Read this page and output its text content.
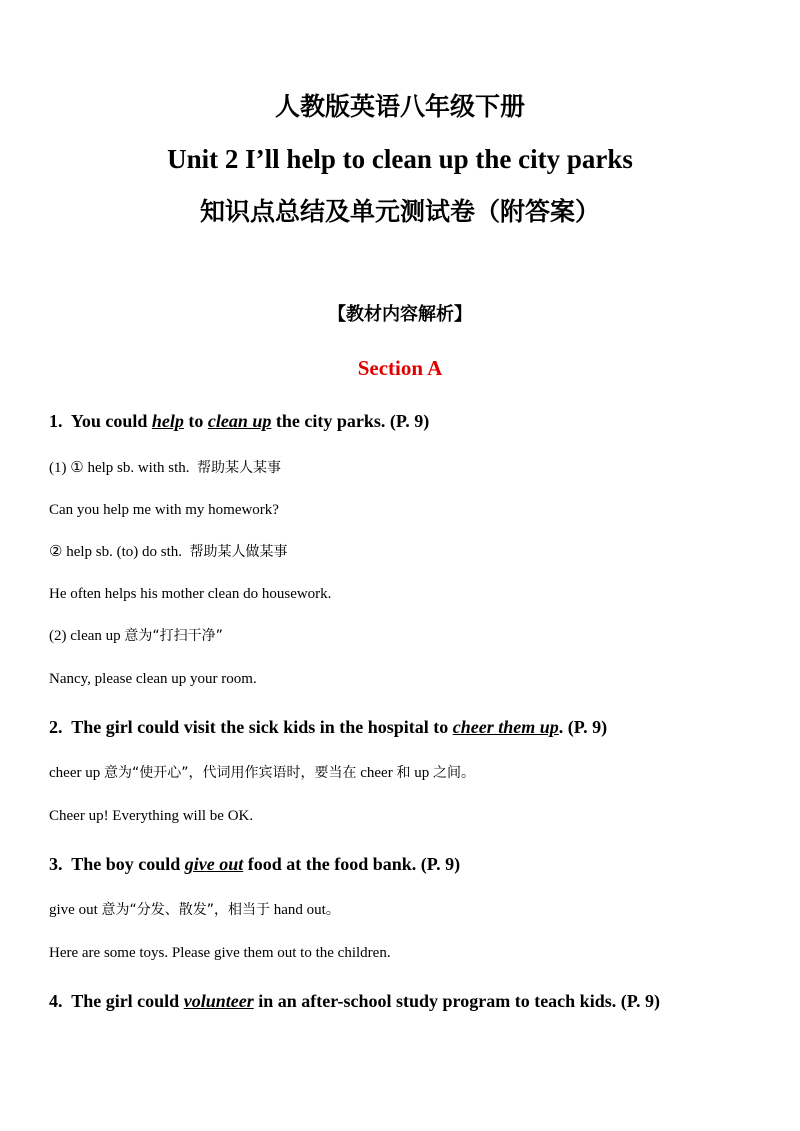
人教版英语八年级下册
Unit 2 I’ll help to clean up the city parks
知识点总结及单元测试卷（附答案）
【教材内容解析】
Section A
1. You could help to clean up the city parks. (P. 9)
(1) ① help sb. with sth. 帮助某人某事
Can you help me with my homework?
② help sb. (to) do sth. 帮助某人做某事
He often helps his mother clean do housework.
(2) clean up 意为“打扫干净”
Nancy, please clean up your room.
2. The girl could visit the sick kids in the hospital to cheer them up. (P. 9)
cheer up 意为“使开心”，代词用作宾语时，要当在 cheer 和 up 之间。
Cheer up! Everything will be OK.
3. The boy could give out food at the food bank. (P. 9)
give out 意为“分发、散发”，相当于 hand out。
Here are some toys. Please give them out to the children.
4. The girl could volunteer in an after-school study program to teach kids. (P. 9)
